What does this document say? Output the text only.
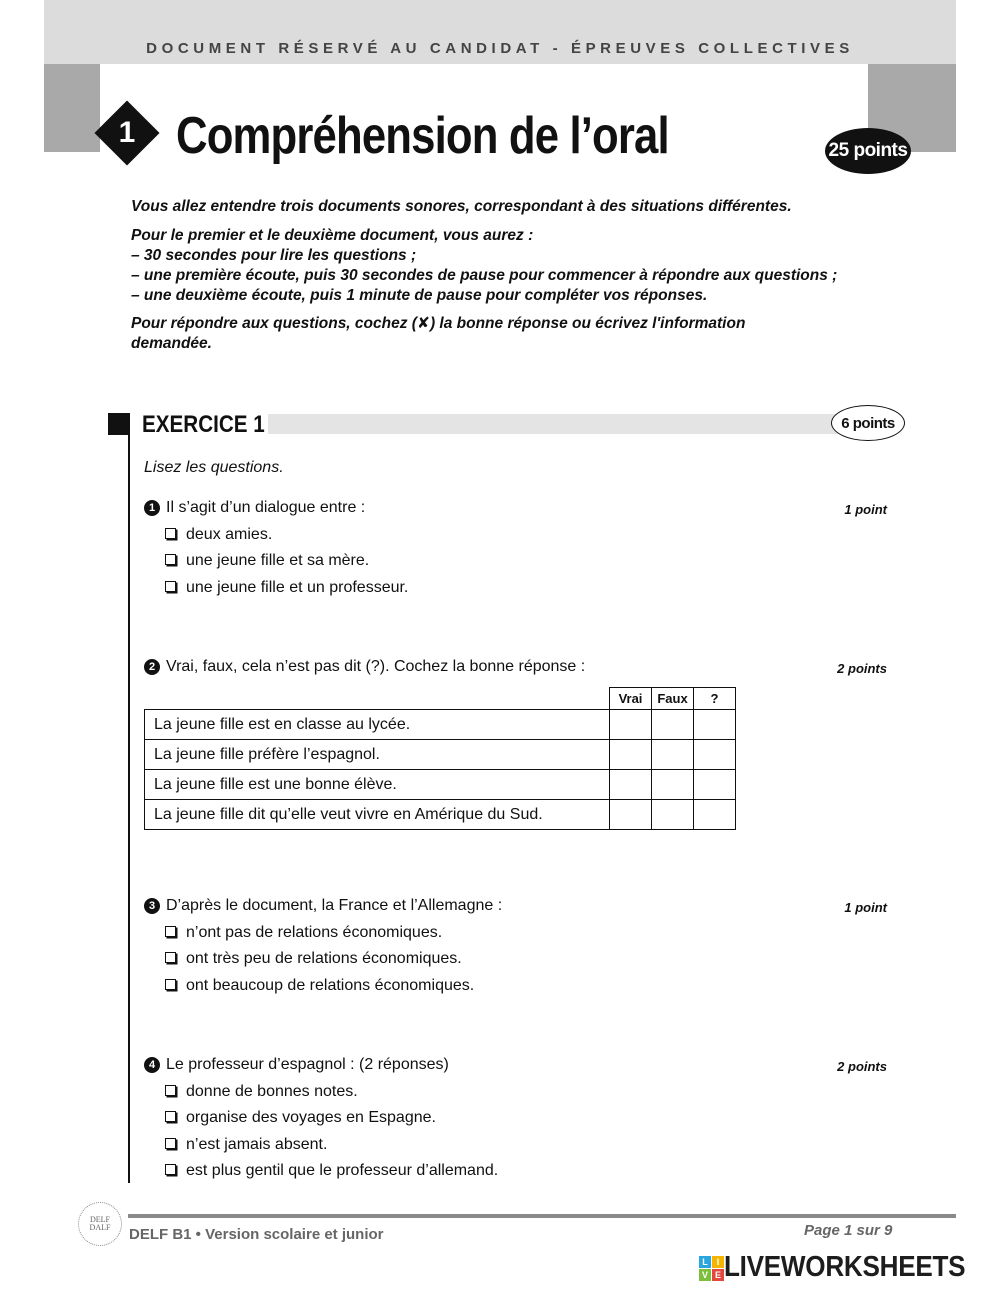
DOCUMENT RÉSERVÉ AU CANDIDAT - ÉPREUVES COLLECTIVES
1 Compréhension de l’oral	25 points
Vous allez entendre trois documents sonores, correspondant à des situations différentes.
Pour le premier et le deuxième document, vous aurez :
– 30 secondes pour lire les questions ;
– une première écoute, puis 30 secondes de pause pour commencer à répondre aux questions ;
– une deuxième écoute, puis 1 minute de pause pour compléter vos réponses.
Pour répondre aux questions, cochez (✘) la bonne réponse ou écrivez l'information
demandée.
EXERCICE 1	6 points
Lisez les questions.
1 Il s’agit d’un dialogue entre :	1 point
deux amies.
une jeune fille et sa mère.
une jeune fille et un professeur.
2 Vrai, faux, cela n’est pas dit (?). Cochez la bonne réponse :	2 points
	Vrai	Faux	?
La jeune fille est en classe au lycée.			
La jeune fille préfère l’espagnol.			
La jeune fille est une bonne élève.			
La jeune fille dit qu’elle veut vivre en Amérique du Sud.			
3 D’après le document, la France et l’Allemagne :	1 point
n’ont pas de relations économiques.
ont très peu de relations économiques.
ont beaucoup de relations économiques.
4 Le professeur d’espagnol : (2 réponses)	2 points
donne de bonnes notes.
organise des voyages en Espagne.
n’est jamais absent.
est plus gentil que le professeur d’allemand.
DELF
DALF DELF B1 • Version scolaire et junior	Page 1 sur 9
L I
V E LIVEWORKSHEETS
